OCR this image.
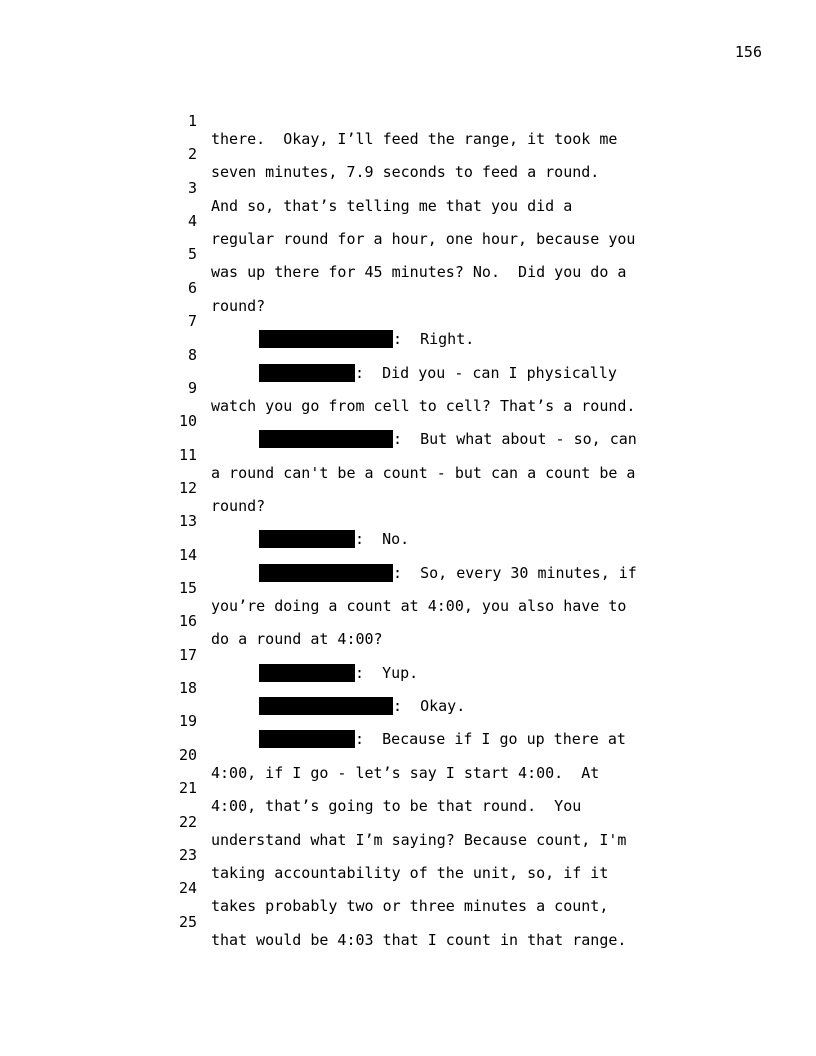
156

1

there.  Okay, I’ll feed the range, it took me

2

seven minutes, 7.9 seconds to feed a round.

3

And so, that’s telling me that you did a

4

regular round for a hour, one hour, because you

5

was up there for 45 minutes? No.  Did you do a

6

round?

7

:  Right.

8

:  Did you - can I physically

9

watch you go from cell to cell? That’s a round.

10

:  But what about - so, can

11

a round can't be a count - but can a count be a

12

round?

13

:  No.

14

:  So, every 30 minutes, if

15

you’re doing a count at 4:00, you also have to

16

do a round at 4:00?

17

:  Yup.

18

:  Okay.

19

:  Because if I go up there at

20

4:00, if I go - let’s say I start 4:00.  At

21

4:00, that’s going to be that round.  You

22

understand what I’m saying? Because count, I'm

23

taking accountability of the unit, so, if it

24

takes probably two or three minutes a count,

25

that would be 4:03 that I count in that range.
